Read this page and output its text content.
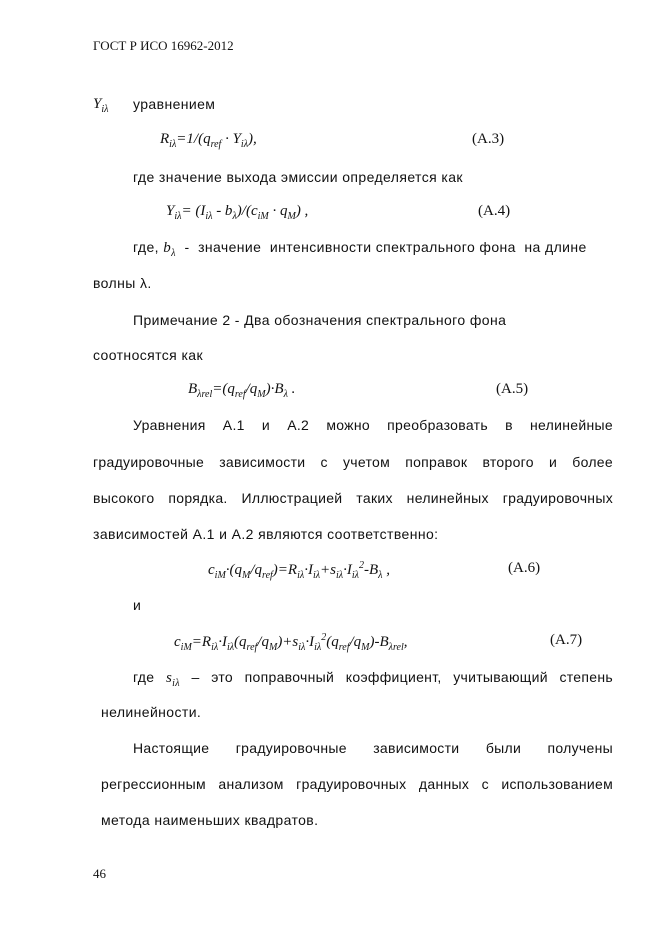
ГОСТ Р ИСО 16962-2012
$Y_{i\lambda}$ уравнением
$R_{i\lambda}=1/(q_{ref} \cdot Y_{i\lambda})$,	(A.3)
где значение выхода эмиссии определяется как
$Y_{i\lambda}= (I_{i\lambda} - b_\lambda)/(c_{iM} \cdot q_M)$ ,	(A.4)
где, $b_\lambda$  -  значение  интенсивности спектрального фона  на длине
волны λ.
Примечание 2 - Два обозначения спектрального фона
соотносятся как
$B_{\lambda rel}=(q_{ref}/q_M)\cdot B_\lambda$ .	(A.5)
Уравнения А.1 и А.2 можно преобразовать в нелинейные
градуировочные зависимости с учетом поправок второго и более
высокого порядка. Иллюстрацией таких нелинейных градуировочных
зависимостей А.1 и А.2 являются соответственно:
$c_{iM}\cdot(q_M/q_{ref})=R_{i\lambda}\cdot I_{i\lambda}+s_{i\lambda}\cdot I_{i\lambda}^2-B_\lambda$ ,	(A.6)
и
$c_{iM}=R_{i\lambda}\cdot I_{i\lambda}(q_{ref}/q_M)+s_{i\lambda}\cdot I_{i\lambda}^2(q_{ref}/q_M)-B_{\lambda rel}$,	(A.7)
где $s_{i\lambda}$ – это поправочный коэффициент, учитывающий степень
нелинейности.
Настоящие градуировочные зависимости были получены
регрессионным анализом градуировочных данных с использованием
метода наименьших квадратов.
46
